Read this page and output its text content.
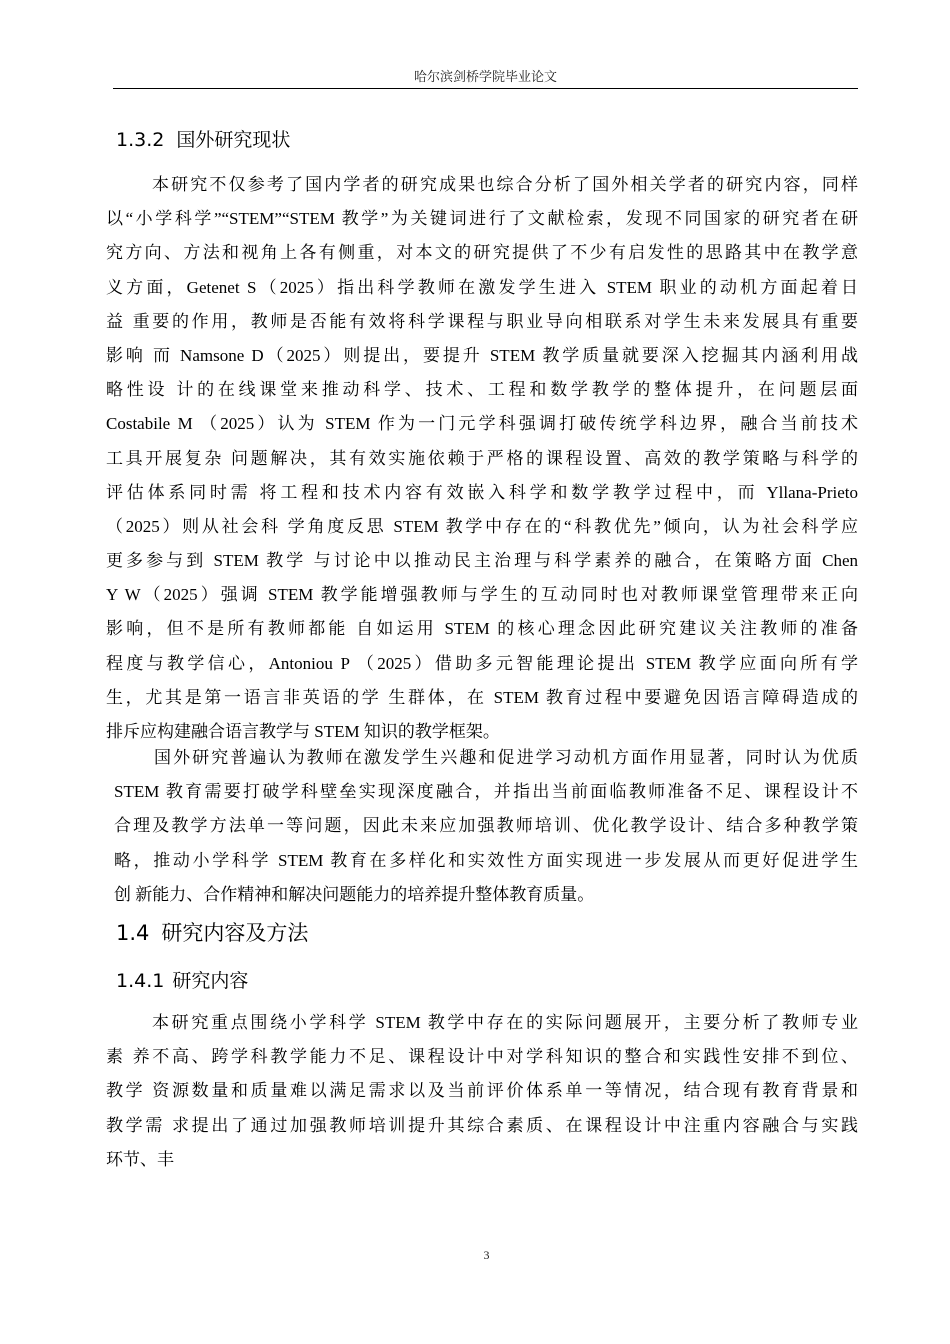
哈尔滨剑桥学院毕业论文
1.3.2 国外研究现状
本研究不仅参考了国内学者的研究成果也综合分析了国外相关学者的研究内容，同样
以“小学科学”“STEM”“STEM 教学”为关键词进行了文献检索，发现不同国家的研究者在研
究方向、方法和视角上各有侧重，对本文的研究提供了不少有启发性的思路其中在教学意
义方面，Getenet S（2025）指出科学教师在激发学生进入 STEM 职业的动机方面起着日
益 重要的作用，教师是否能有效将科学课程与职业导向相联系对学生未来发展具有重要
影响 而 Namsone D（2025）则提出，要提升 STEM 教学质量就要深入挖掘其内涵利用战
略性设 计的在线课堂来推动科学、技术、工程和数学教学的整体提升，在问题层面
Costabile M （2025）认为 STEM 作为一门元学科强调打破传统学科边界，融合当前技术
工具开展复杂 问题解决，其有效实施依赖于严格的课程设置、高效的教学策略与科学的
评估体系同时需 将工程和技术内容有效嵌入科学和数学教学过程中，而 Yllana-Prieto
（2025）则从社会科 学角度反思 STEM 教学中存在的“科教优先”倾向，认为社会科学应
更多参与到 STEM 教学 与讨论中以推动民主治理与科学素养的融合，在策略方面 Chen
Y W（2025）强调 STEM 教学能增强教师与学生的互动同时也对教师课堂管理带来正向
影响，但不是所有教师都能 自如运用 STEM 的核心理念因此研究建议关注教师的准备
程度与教学信心，Antoniou P （2025）借助多元智能理论提出 STEM 教学应面向所有学
生，尤其是第一语言非英语的学 生群体，在 STEM 教育过程中要避免因语言障碍造成的
排斥应构建融合语言教学与 STEM 知识的教学框架。
国外研究普遍认为教师在激发学生兴趣和促进学习动机方面作用显著，同时认为优质
STEM 教育需要打破学科壁垒实现深度融合，并指出当前面临教师准备不足、课程设计不
合理及教学方法单一等问题，因此未来应加强教师培训、优化教学设计、结合多种教学策
略，推动小学科学 STEM 教育在多样化和实效性方面实现进一步发展从而更好促进学生
创 新能力、合作精神和解决问题能力的培养提升整体教育质量。
1.4 研究内容及方法
1.4.1 研究内容
本研究重点围绕小学科学 STEM 教学中存在的实际问题展开，主要分析了教师专业
素 养不高、跨学科教学能力不足、课程设计中对学科知识的整合和实践性安排不到位、
教学 资源数量和质量难以满足需求以及当前评价体系单一等情况，结合现有教育背景和
教学需 求提出了通过加强教师培训提升其综合素质、在课程设计中注重内容融合与实践
环节、丰
3
